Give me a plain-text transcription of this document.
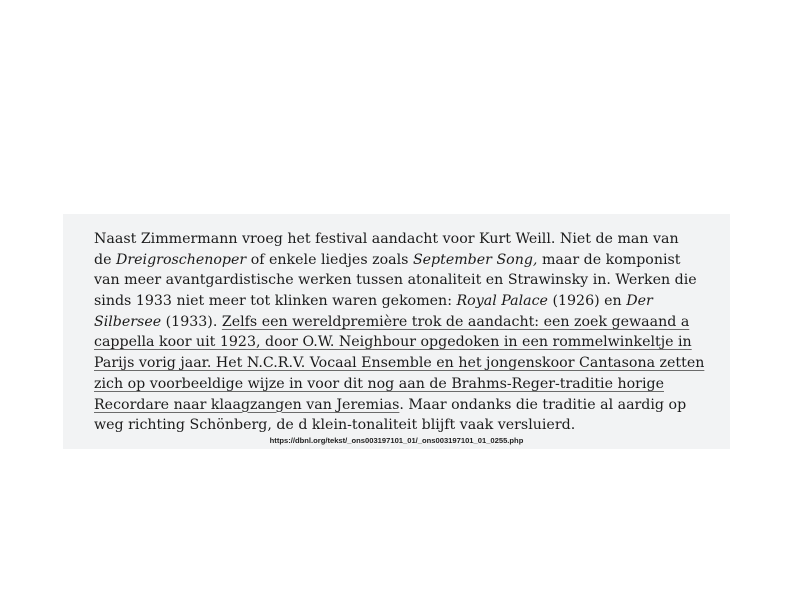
Naast Zimmermann vroeg het festival aandacht voor Kurt Weill. Niet de man van
de Dreigroschenoper of enkele liedjes zoals September Song, maar de komponist
van meer avantgardistische werken tussen atonaliteit en Strawinsky in. Werken die
sinds 1933 niet meer tot klinken waren gekomen: Royal Palace (1926) en Der
Silbersee (1933). Zelfs een wereldpremière trok de aandacht: een zoek gewaand a
cappella koor uit 1923, door O.W. Neighbour opgedoken in een rommelwinkeltje in
Parijs vorig jaar. Het N.C.R.V. Vocaal Ensemble en het jongenskoor Cantasona zetten
zich op voorbeeldige wijze in voor dit nog aan de Brahms-Reger-traditie horige
Recordare naar klaagzangen van Jeremias. Maar ondanks die traditie al aardig op
weg richting Schönberg, de d klein-tonaliteit blijft vaak versluierd.
https://dbnl.org/tekst/_ons003197101_01/_ons003197101_01_0255.php
